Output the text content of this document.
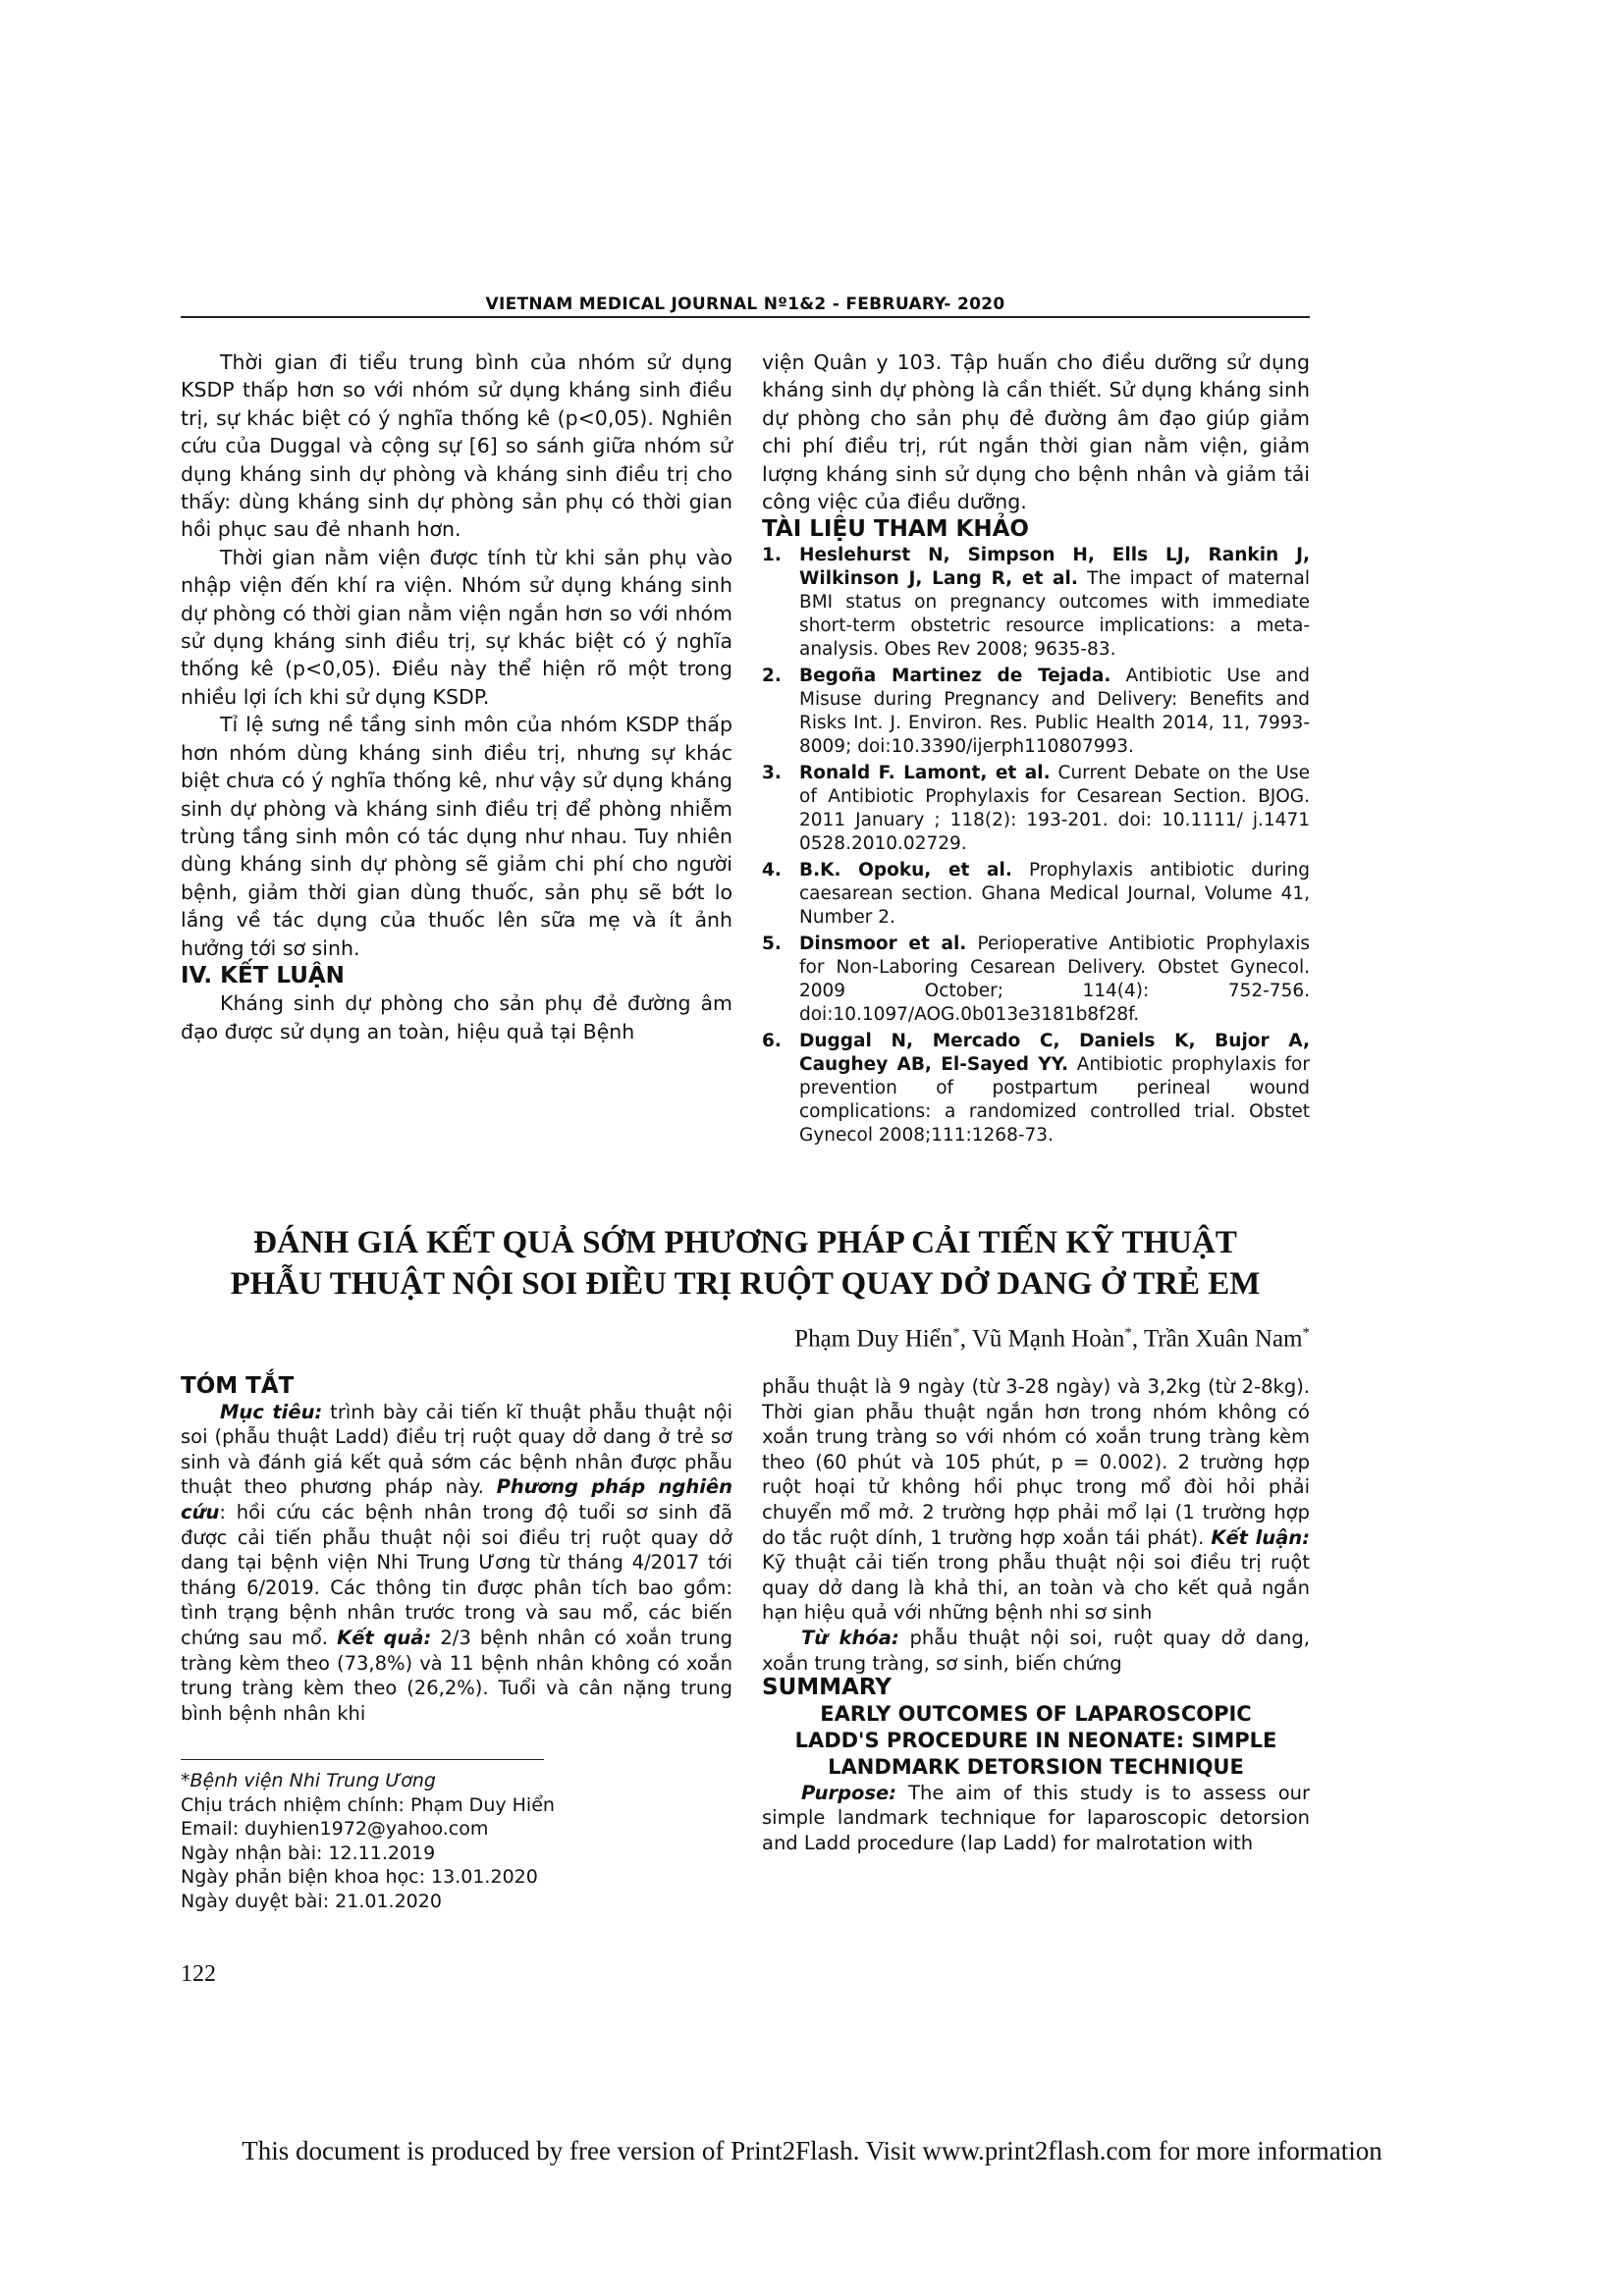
VIETNAM MEDICAL JOURNAL Nº1&2 - FEBRUARY- 2020

Thời gian đi tiểu trung bình của nhóm sử dụng KSDP thấp hơn so với nhóm sử dụng kháng sinh điều trị, sự khác biệt có ý nghĩa thống kê (p<0,05). Nghiên cứu của Duggal và cộng sự [6] so sánh giữa nhóm sử dụng kháng sinh dự phòng và kháng sinh điều trị cho thấy: dùng kháng sinh dự phòng sản phụ có thời gian hồi phục sau đẻ nhanh hơn.

Thời gian nằm viện được tính từ khi sản phụ vào nhập viện đến khí ra viện. Nhóm sử dụng kháng sinh dự phòng có thời gian nằm viện ngắn hơn so với nhóm sử dụng kháng sinh điều trị, sự khác biệt có ý nghĩa thống kê (p<0,05). Điều này thể hiện rõ một trong nhiều lợi ích khi sử dụng KSDP.

Tỉ lệ sưng nề tầng sinh môn của nhóm KSDP thấp hơn nhóm dùng kháng sinh điều trị, nhưng sự khác biệt chưa có ý nghĩa thống kê, như vậy sử dụng kháng sinh dự phòng và kháng sinh điều trị để phòng nhiễm trùng tầng sinh môn có tác dụng như nhau. Tuy nhiên dùng kháng sinh dự phòng sẽ giảm chi phí cho người bệnh, giảm thời gian dùng thuốc, sản phụ sẽ bớt lo lắng về tác dụng của thuốc lên sữa mẹ và ít ảnh hưởng tới sơ sinh.

IV. KẾT LUẬN

Kháng sinh dự phòng cho sản phụ đẻ đường âm đạo được sử dụng an toàn, hiệu quả tại Bệnh

viện Quân y 103. Tập huấn cho điều dưỡng sử dụng kháng sinh dự phòng là cần thiết. Sử dụng kháng sinh dự phòng cho sản phụ đẻ đường âm đạo giúp giảm chi phí điều trị, rút ngắn thời gian nằm viện, giảm lượng kháng sinh sử dụng cho bệnh nhân và giảm tải công việc của điều dưỡng.

TÀI LIỆU THAM KHẢO

1. Heslehurst N, Simpson H, Ells LJ, Rankin J, Wilkinson J, Lang R, et al. The impact of maternal BMI status on pregnancy outcomes with immediate short-term obstetric resource implications: a meta-analysis. Obes Rev 2008; 9635-83.
2. Begoña Martinez de Tejada. Antibiotic Use and Misuse during Pregnancy and Delivery: Benefits and Risks Int. J. Environ. Res. Public Health 2014, 11, 7993-8009; doi:10.3390/ijerph110807993.
3. Ronald F. Lamont, et al. Current Debate on the Use of Antibiotic Prophylaxis for Cesarean Section. BJOG. 2011 January ; 118(2): 193-201. doi: 10.1111/ j.1471 0528.2010.02729.
4. B.K. Opoku, et al. Prophylaxis antibiotic during caesarean section. Ghana Medical Journal, Volume 41, Number 2.
5. Dinsmoor et al. Perioperative Antibiotic Prophylaxis for Non-Laboring Cesarean Delivery. Obstet Gynecol. 2009 October; 114(4): 752-756. doi:10.1097/AOG.0b013e3181b8f28f.
6. Duggal N, Mercado C, Daniels K, Bujor A, Caughey AB, El-Sayed YY. Antibiotic prophylaxis for prevention of postpartum perineal wound complications: a randomized controlled trial. Obstet Gynecol 2008;111:1268-73.
ĐÁNH GIÁ KẾT QUẢ SỚM PHƯƠNG PHÁP CẢI TIẾN KỸ THUẬT
PHẪU THUẬT NỘI SOI ĐIỀU TRỊ RUỘT QUAY DỞ DANG Ở TRẺ EM
Phạm Duy Hiển*, Vũ Mạnh Hoàn*, Trần Xuân Nam*

TÓM TẮT

Mục tiêu: trình bày cải tiến kĩ thuật phẫu thuật nội soi (phẫu thuật Ladd) điều trị ruột quay dở dang ở trẻ sơ sinh và đánh giá kết quả sớm các bệnh nhân được phẫu thuật theo phương pháp này. Phương pháp nghiên cứu: hồi cứu các bệnh nhân trong độ tuổi sơ sinh đã được cải tiến phẫu thuật nội soi điều trị ruột quay dở dang tại bệnh viện Nhi Trung Ương từ tháng 4/2017 tới tháng 6/2019. Các thông tin được phân tích bao gồm: tình trạng bệnh nhân trước trong và sau mổ, các biến chứng sau mổ. Kết quả: 2/3 bệnh nhân có xoắn trung tràng kèm theo (73,8%) và 11 bệnh nhân không có xoắn trung tràng kèm theo (26,2%). Tuổi và cân nặng trung bình bệnh nhân khi

phẫu thuật là 9 ngày (từ 3-28 ngày) và 3,2kg (từ 2-8kg). Thời gian phẫu thuật ngắn hơn trong nhóm không có xoắn trung tràng so với nhóm có xoắn trung tràng kèm theo (60 phút và 105 phút, p = 0.002). 2 trường hợp ruột hoại tử không hồi phục trong mổ đòi hỏi phải chuyển mổ mở. 2 trường hợp phải mổ lại (1 trường hợp do tắc ruột dính, 1 trường hợp xoắn tái phát). Kết luận: Kỹ thuật cải tiến trong phẫu thuật nội soi điều trị ruột quay dở dang là khả thi, an toàn và cho kết quả ngắn hạn hiệu quả với những bệnh nhi sơ sinh

Từ khóa: phẫu thuật nội soi, ruột quay dở dang, xoắn trung tràng, sơ sinh, biến chứng

SUMMARY

EARLY OUTCOMES OF LAPAROSCOPIC
LADD'S PROCEDURE IN NEONATE: SIMPLE
LANDMARK DETORSION TECHNIQUE

Purpose: The aim of this study is to assess our simple landmark technique for laparoscopic detorsion and Ladd procedure (lap Ladd) for malrotation with

*Bệnh viện Nhi Trung Ương
Chịu trách nhiệm chính: Phạm Duy Hiển
Email: duyhien1972@yahoo.com
Ngày nhận bài: 12.11.2019
Ngày phản biện khoa học: 13.01.2020
Ngày duyệt bài: 21.01.2020
122
This document is produced by free version of Print2Flash. Visit www.print2flash.com for more information
